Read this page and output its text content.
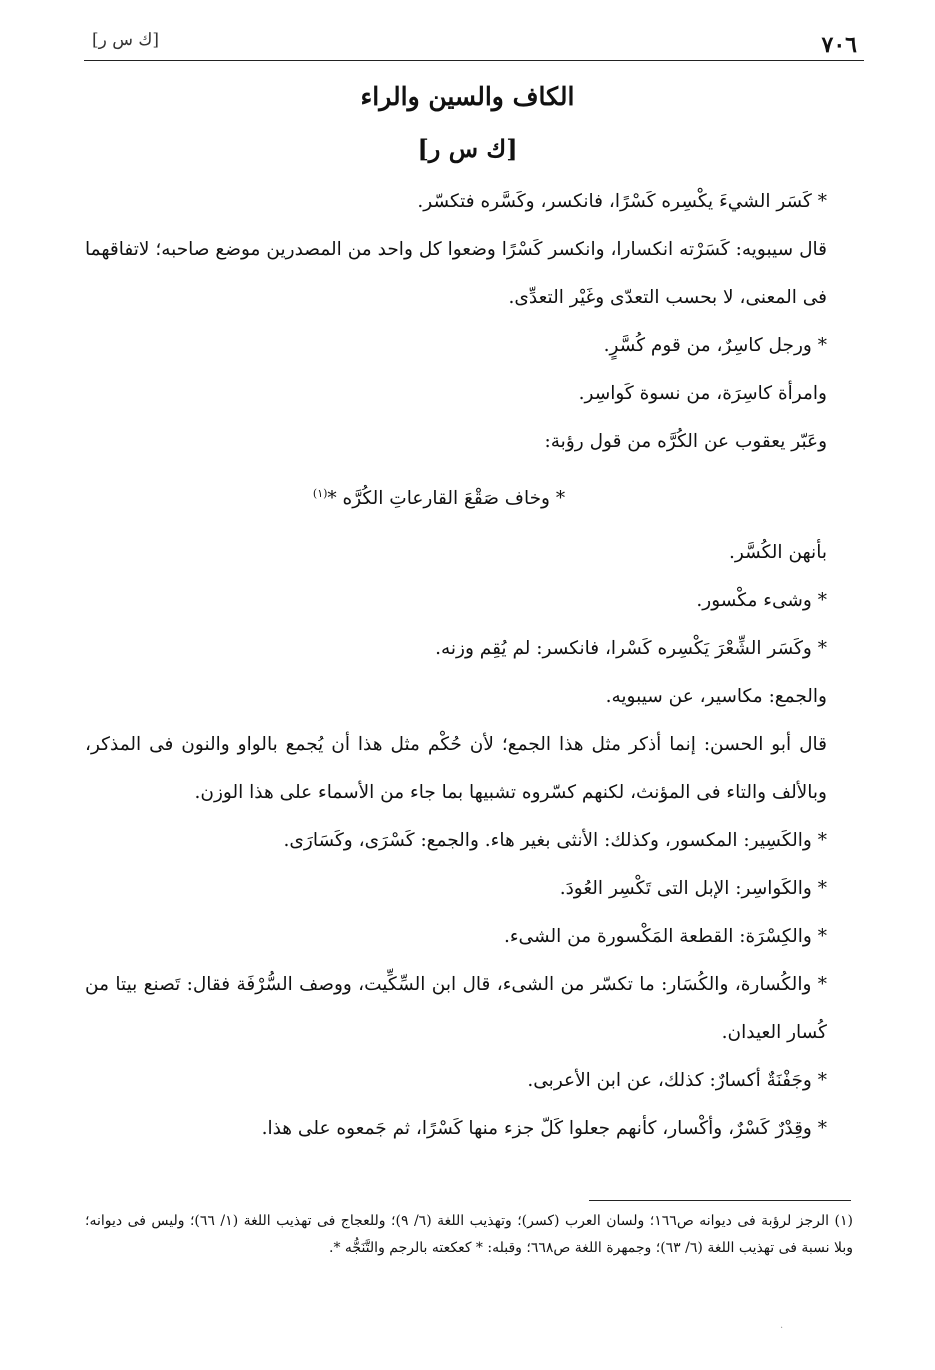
٧٠٦
[ك س ر]
الكاف والسين والراء
[ك س ر]

* كَسَر الشيءَ يكْسِره كَسْرًا، فانكسر، وكَسَّره فتكسّر.

قال سيبويه: كَسَرْته انكسارا، وانكسر كَسْرًا وضعوا كل واحد من المصدرين موضع صاحبه؛ لاتفاقهما فى المعنى، لا بحسب التعدّى وغَيْر التعدِّى.

* ورجل كاسِرٌ، من قوم كُسَّرٍ.

وامرأة كاسِرَة، من نسوة كَواسِر.

وعَبّر يعقوب عن الكُرَّه من قول رؤبة:

* وخاف صَقْعَ القارعاتِ الكُرَّه *$^{(١)}$

بأنهن الكُسَّر.

* وشىء مكْسور.

* وكَسَر الشِّعْرَ يَكْسِره كَسْرا، فانكسر: لم يُقِم وزنه.

والجمع: مكاسير، عن سيبويه.

قال أبو الحسن: إنما أذكر مثل هذا الجمع؛ لأن حُكْم مثل هذا أن يُجمع بالواو والنون فى المذكر، وبالألف والتاء فى المؤنث، لكنهم كسّروه تشبيها بما جاء من الأسماء على هذا الوزن.

* والكَسِير: المكسور، وكذلك: الأنثى بغير هاء. والجمع: كَسْرَى، وكَسَارَى.

* والكَواسِر: الإبل التى تَكْسِر العُودَ.

* والكِسْرَة: القطعة المَكْسورة من الشىء.

* والكُسارة، والكُسَار: ما تكسّر من الشىء، قال ابن السِّكِّيت، ووصف السُّرْفَة فقال: تَصنع بيتا من كُسار العيدان.

* وجَفْنَةٌ أكسارٌ: كذلك، عن ابن الأعربى.

* وقِدْرٌ كَسْرٌ، وأكْسار، كأنهم جعلوا كَلّ جزء منها كَسْرًا، ثم جَمعوه على هذا.

(١) الرجز لرؤبة فى ديوانه ص١٦٦؛ ولسان العرب (كسر)؛ وتهذيب اللغة (٦/ ٩)؛ وللعجاج فى تهذيب اللغة (١/ ٦٦)؛ وليس فى ديوانه؛ وبلا نسبة فى تهذيب اللغة (٦/ ٦٣)؛ وجمهرة اللغة ص٦٦٨؛ وقبله: * كعكعته بالرجم والتَّنَجُّه *.

.
